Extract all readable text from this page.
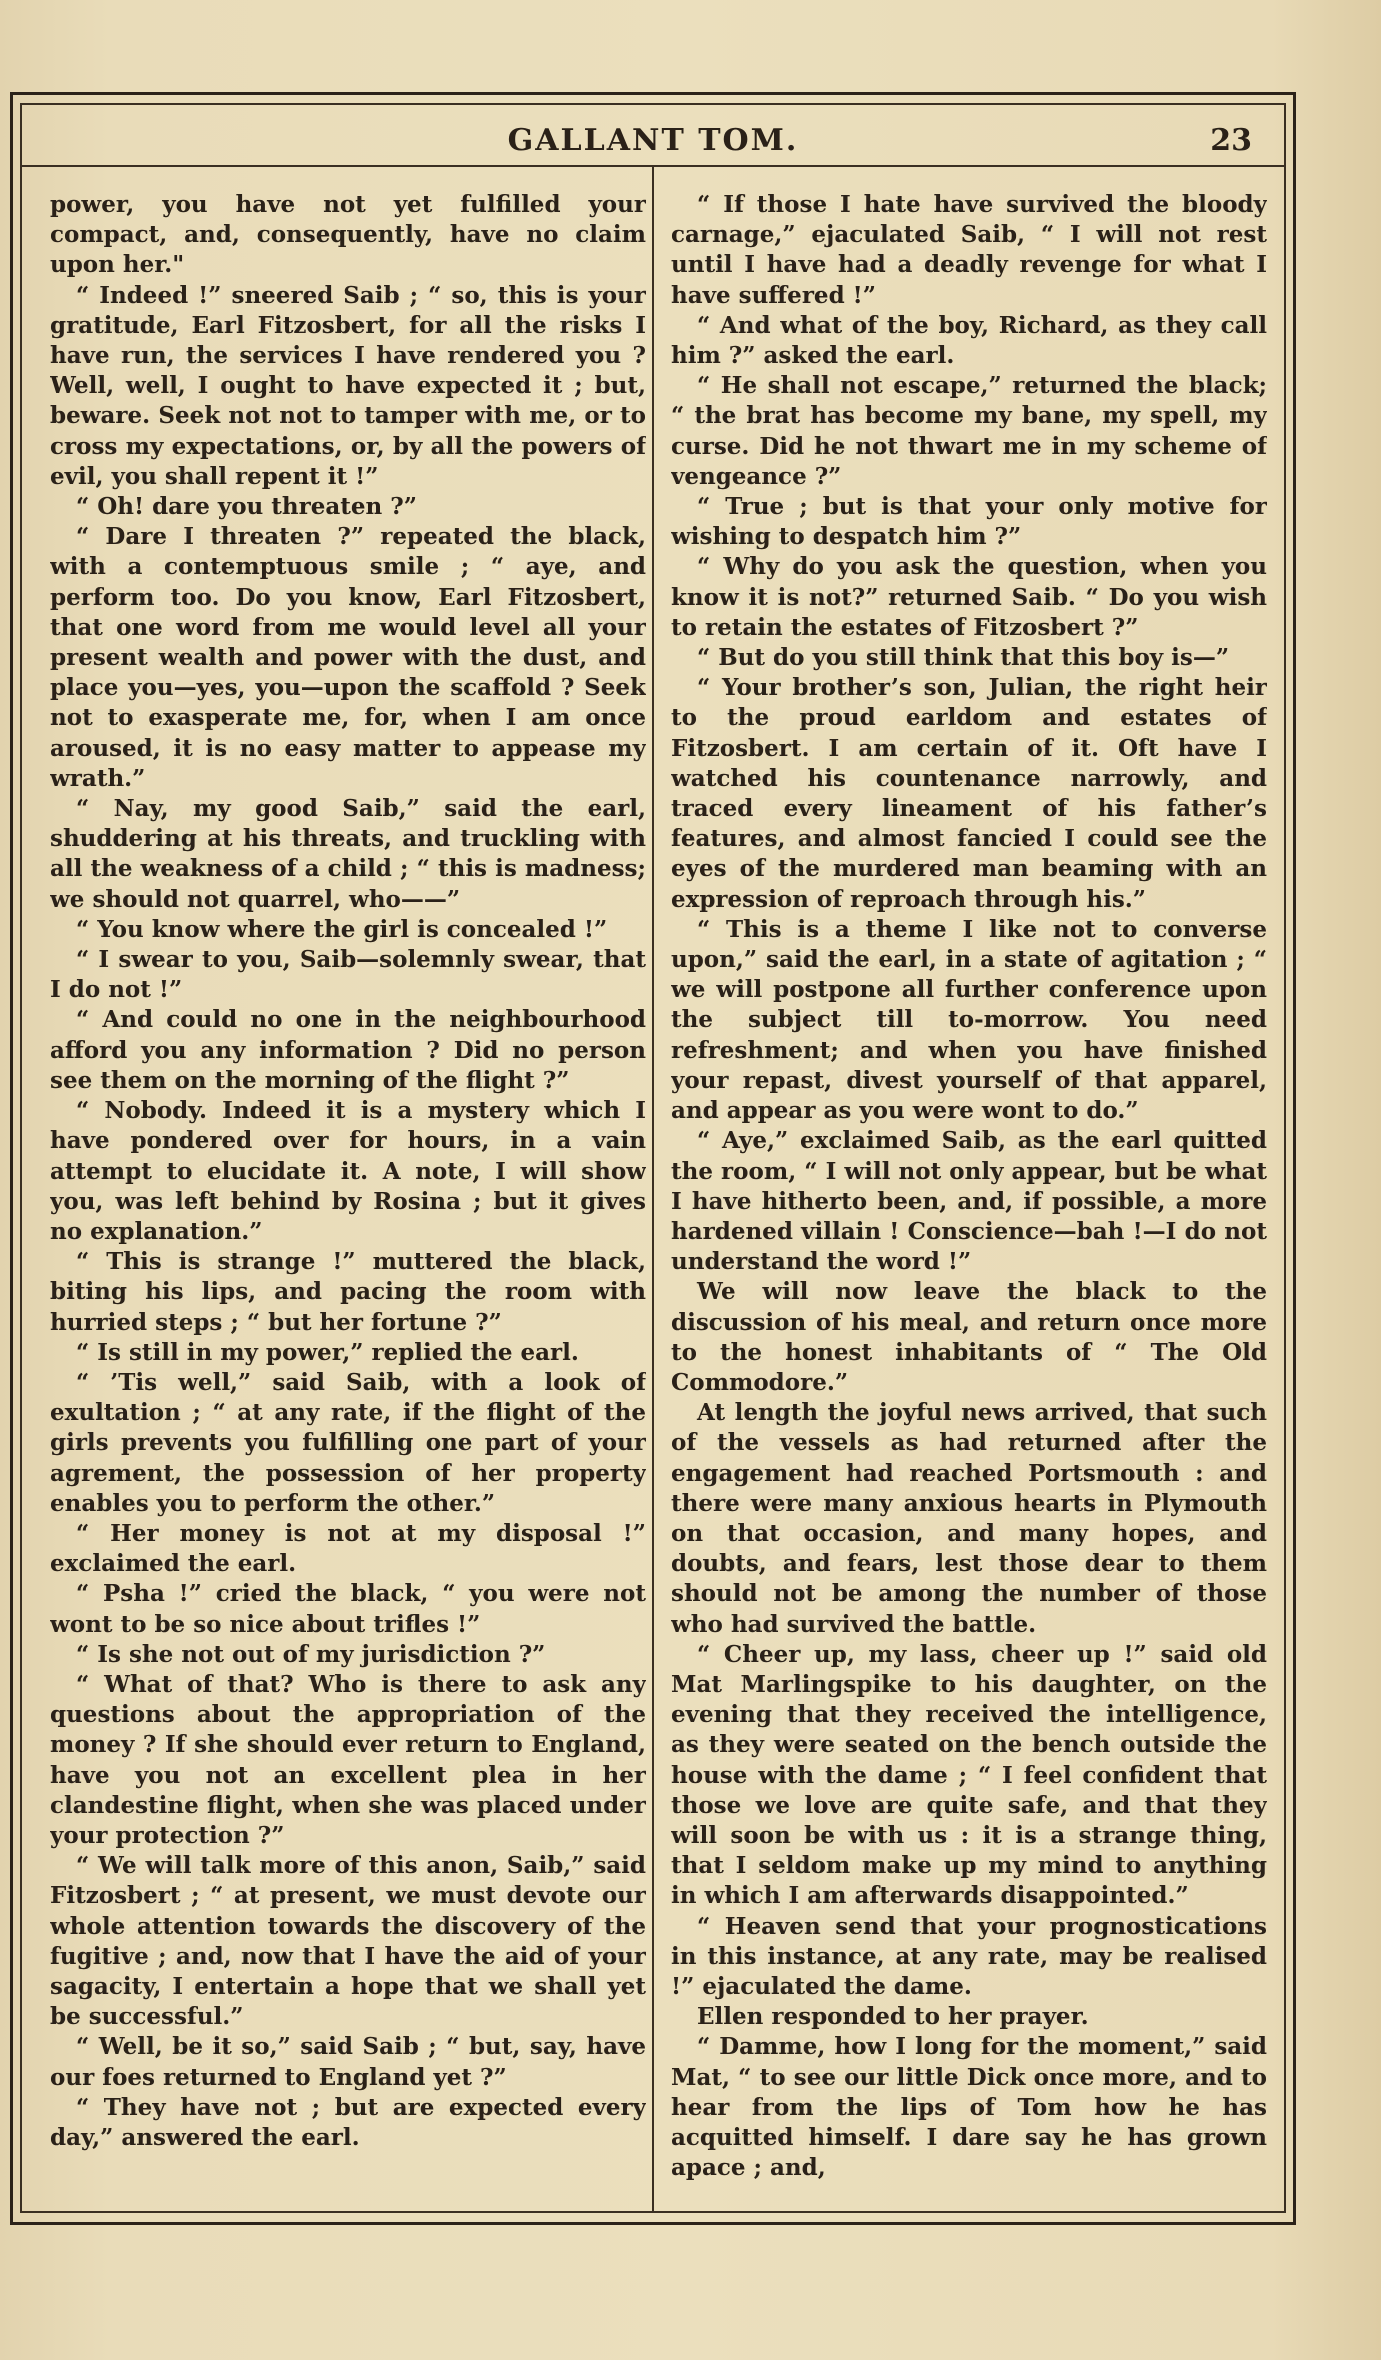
GALLANT TOM.	23

power, you have not yet fulfilled your compact, and, consequently, have no claim upon her."

“ Indeed !” sneered Saib ; “ so, this is your gratitude, Earl Fitzosbert, for all the risks I have run, the services I have rendered you ? Well, well, I ought to have expected it ; but, beware. Seek not not to tamper with me, or to cross my expectations, or, by all the powers of evil, you shall repent it !”

“ Oh! dare you threaten ?”

“ Dare I threaten ?” repeated the black, with a contemptuous smile ; “ aye, and perform too. Do you know, Earl Fitzosbert, that one word from me would level all your present wealth and power with the dust, and place you—yes, you—upon the scaffold ? Seek not to exasperate me, for, when I am once aroused, it is no easy matter to appease my wrath.”

“ Nay, my good Saib,” said the earl, shuddering at his threats, and truckling with all the weakness of a child ; “ this is madness; we should not quarrel, who——”

“ You know where the girl is concealed !”

“ I swear to you, Saib—solemnly swear, that I do not !”

“ And could no one in the neighbourhood afford you any information ? Did no person see them on the morning of the flight ?”

“ Nobody. Indeed it is a mystery which I have pondered over for hours, in a vain attempt to elucidate it. A note, I will show you, was left behind by Rosina ; but it gives no explanation.”

“ This is strange !” muttered the black, biting his lips, and pacing the room with hurried steps ; “ but her fortune ?”

“ Is still in my power,” replied the earl.

“ ’Tis well,” said Saib, with a look of exultation ; “ at any rate, if the flight of the girls prevents you fulfilling one part of your agrement, the possession of her property enables you to perform the other.”

“ Her money is not at my disposal !” exclaimed the earl.

“ Psha !” cried the black, “ you were not wont to be so nice about trifles !”

“ Is she not out of my jurisdiction ?”

“ What of that? Who is there to ask any questions about the appropriation of the money ? If she should ever return to England, have you not an excellent plea in her clandestine flight, when she was placed under your protection ?”

“ We will talk more of this anon, Saib,” said Fitzosbert ; “ at present, we must devote our whole attention towards the discovery of the fugitive ; and, now that I have the aid of your sagacity, I entertain a hope that we shall yet be successful.”

“ Well, be it so,” said Saib ; “ but, say, have our foes returned to England yet ?”

“ They have not ; but are expected every day,” answered the earl.

“ If those I hate have survived the bloody carnage,” ejaculated Saib, “ I will not rest until I have had a deadly revenge for what I have suffered !”

“ And what of the boy, Richard, as they call him ?” asked the earl.

“ He shall not escape,” returned the black; “ the brat has become my bane, my spell, my curse. Did he not thwart me in my scheme of vengeance ?”

“ True ; but is that your only motive for wishing to despatch him ?”

“ Why do you ask the question, when you know it is not?” returned Saib. “ Do you wish to retain the estates of Fitzosbert ?”

“ But do you still think that this boy is—”

“ Your brother’s son, Julian, the right heir to the proud earldom and estates of Fitzosbert. I am certain of it. Oft have I watched his countenance narrowly, and traced every lineament of his father’s features, and almost fancied I could see the eyes of the murdered man beaming with an expression of reproach through his.”

“ This is a theme I like not to converse upon,” said the earl, in a state of agitation ; “ we will postpone all further conference upon the subject till to-morrow. You need refreshment; and when you have finished your repast, divest yourself of that apparel, and appear as you were wont to do.”

“ Aye,” exclaimed Saib, as the earl quitted the room, “ I will not only appear, but be what I have hitherto been, and, if possible, a more hardened villain ! Conscience—bah !—I do not understand the word !”

We will now leave the black to the discussion of his meal, and return once more to the honest inhabitants of “ The Old Commodore.”

At length the joyful news arrived, that such of the vessels as had returned after the engagement had reached Portsmouth : and there were many anxious hearts in Plymouth on that occasion, and many hopes, and doubts, and fears, lest those dear to them should not be among the number of those who had survived the battle.

“ Cheer up, my lass, cheer up !” said old Mat Marlingspike to his daughter, on the evening that they received the intelligence, as they were seated on the bench outside the house with the dame ; “ I feel confident that those we love are quite safe, and that they will soon be with us : it is a strange thing, that I seldom make up my mind to anything in which I am afterwards disappointed.”

“ Heaven send that your prognostications in this instance, at any rate, may be realised !” ejaculated the dame.

Ellen responded to her prayer.

“ Damme, how I long for the moment,” said Mat, “ to see our little Dick once more, and to hear from the lips of Tom how he has acquitted himself. I dare say he has grown apace ; and,
